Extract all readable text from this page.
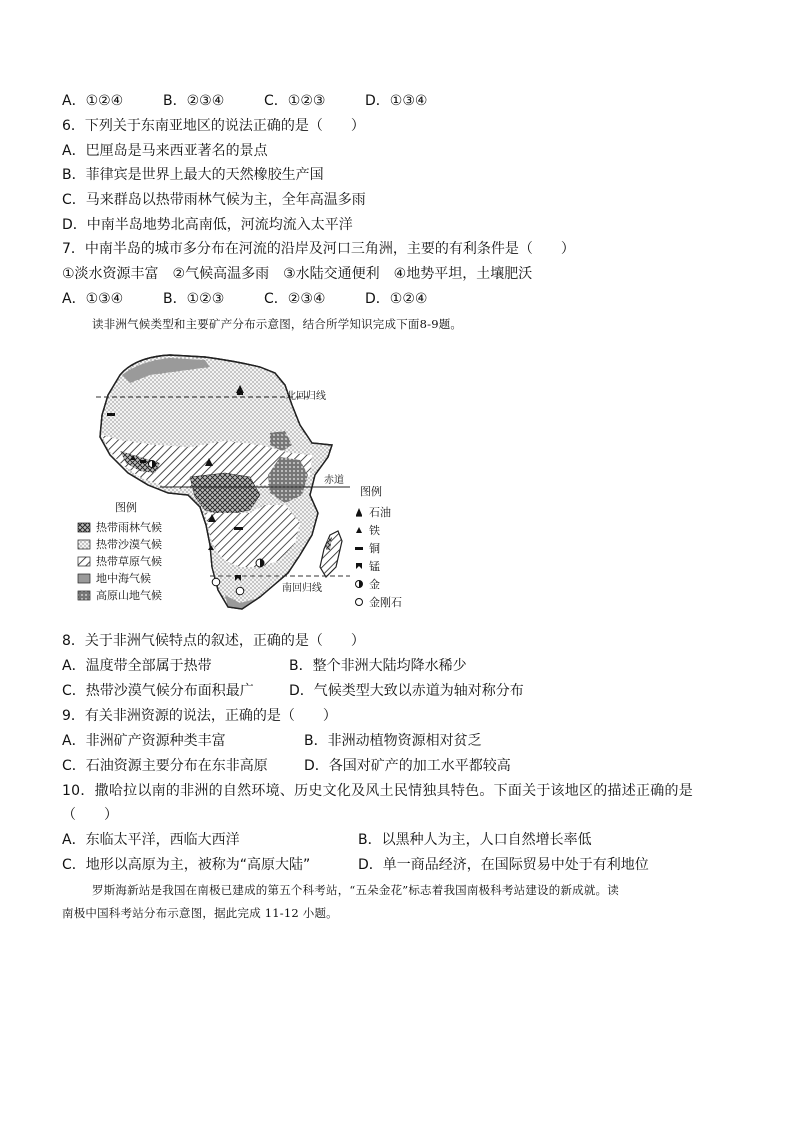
A．①②④	B．②③④	C．①②③	D．①③④
6．下列关于东南亚地区的说法正确的是（　　）
A．巴厘岛是马来西亚著名的景点
B．菲律宾是世界上最大的天然橡胶生产国
C．马来群岛以热带雨林气候为主，全年高温多雨
D．中南半岛地势北高南低，河流均流入太平洋
7．中南半岛的城市多分布在河流的沿岸及河口三角洲，主要的有利条件是（　　）
①淡水资源丰富　②气候高温多雨　③水陆交通便利　④地势平坦，土壤肥沃
A．①③④	B．①②③	C．②③④	D．①②④
读非洲气候类型和主要矿产分布示意图，结合所学知识完成下面8-9题。
北回归线
赤道
南回归线
图例
热带雨林气候
热带沙漠气候
热带草原气候
地中海气候
高原山地气候
图例
石油
铁
铜
锰
金
金刚石
8．关于非洲气候特点的叙述，正确的是（　　）
A．温度带全部属于热带	B．整个非洲大陆均降水稀少
C．热带沙漠气候分布面积最广	D．气候类型大致以赤道为轴对称分布
9．有关非洲资源的说法，正确的是（　　）
A．非洲矿产资源种类丰富	B．非洲动植物资源相对贫乏
C．石油资源主要分布在东非高原	D．各国对矿产的加工水平都较高
10．撒哈拉以南的非洲的自然环境、历史文化及风土民情独具特色。下面关于该地区的描述正确的是
（　　）
A．东临太平洋，西临大西洋	B．以黑种人为主，人口自然增长率低
C．地形以高原为主，被称为“高原大陆”	D．单一商品经济，在国际贸易中处于有利地位
罗斯海新站是我国在南极已建成的第五个科考站，“五朵金花”标志着我国南极科考站建设的新成就。读
南极中国科考站分布示意图，据此完成 11-12 小题。
